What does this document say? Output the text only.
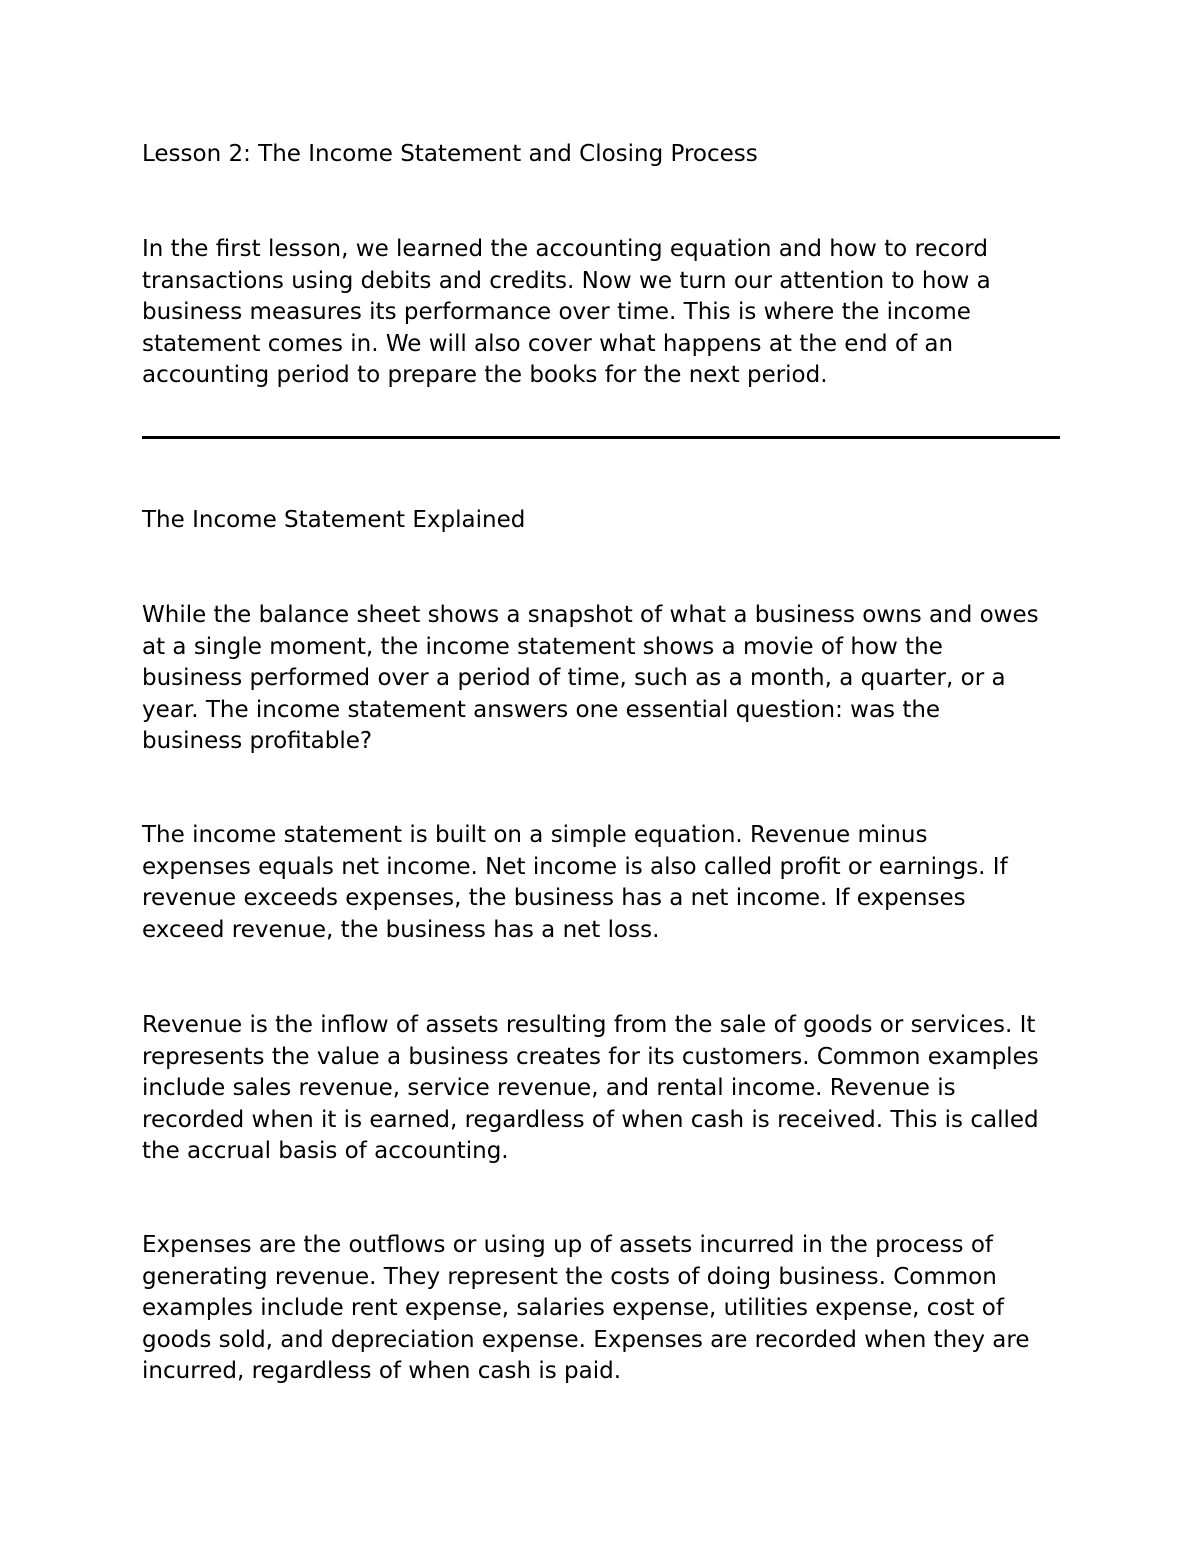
Lesson 2: The Income Statement and Closing Process

In the first lesson, we learned the accounting equation and how to record
transactions using debits and credits. Now we turn our attention to how a
business measures its performance over time. This is where the income
statement comes in. We will also cover what happens at the end of an
accounting period to prepare the books for the next period.

The Income Statement Explained

While the balance sheet shows a snapshot of what a business owns and owes
at a single moment, the income statement shows a movie of how the
business performed over a period of time, such as a month, a quarter, or a
year. The income statement answers one essential question: was the
business profitable?
The income statement is built on a simple equation. Revenue minus
expenses equals net income. Net income is also called profit or earnings. If
revenue exceeds expenses, the business has a net income. If expenses
exceed revenue, the business has a net loss.
Revenue is the inflow of assets resulting from the sale of goods or services. It
represents the value a business creates for its customers. Common examples
include sales revenue, service revenue, and rental income. Revenue is
recorded when it is earned, regardless of when cash is received. This is called
the accrual basis of accounting.
Expenses are the outflows or using up of assets incurred in the process of
generating revenue. They represent the costs of doing business. Common
examples include rent expense, salaries expense, utilities expense, cost of
goods sold, and depreciation expense. Expenses are recorded when they are
incurred, regardless of when cash is paid.
